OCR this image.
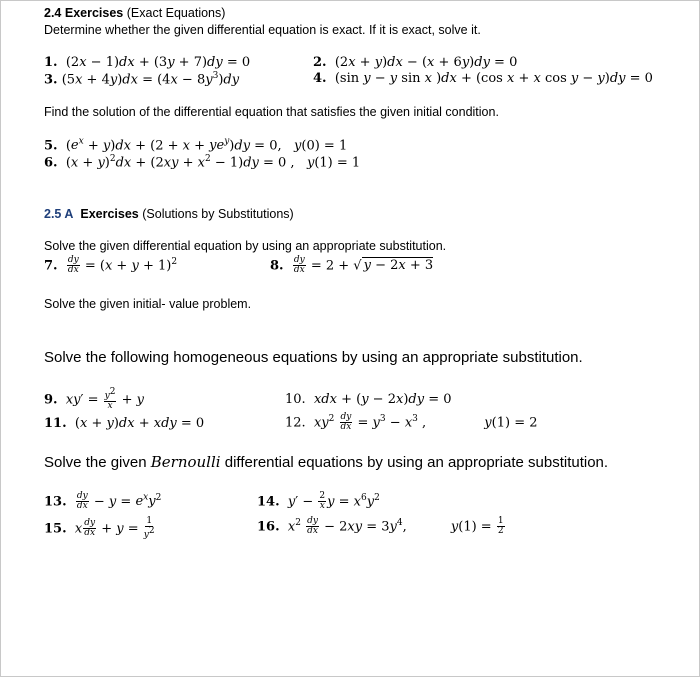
2.4 Exercises (Exact Equations)
Determine whether the given differential equation is exact. If it is exact, solve it.
1.  (2x − 1)dx + (3y + 7)dy = 0	2.  (2x + y)dx − (x + 6y)dy = 0
3. $(5x + 4y)dx = (4x - 8y^3)dy$	4.  (sin y − y sin x )dx + (cos x + x cos y − y)dy = 0
Find the solution of the differential equation that satisfies the given initial condition.
5.  $(e^x + y)dx + (2 + x + ye^y)dy = 0$,   y(0) = 1
6.  $(x + y)^2dx + (2xy + x^2 - 1)dy = 0$ ,   y(1) = 1
2.5 A Exercises (Solutions by Substitutions)
Solve the given differential equation by using an appropriate substitution.
7. $\frac{dy}{dx} = (x + y + 1)^2$	8. $\frac{dy}{dx} = 2$ + √ y − 2x + 3
Solve the given initial- value problem.
Solve the following homogeneous equations by using an appropriate substitution.
9. $xy' = \frac{y^2}{x} + y$	10. xdx + (y − 2x)dy = 0
11.  (x + y)dx + xdy = 0	12. $xy^2 \frac{dy}{dx} = y^3 - x^3$ ,	y(1) = 2
Solve the given Bernoulli differential equations by using an appropriate substitution.
13. $\frac{dy}{dx} - y = e^xy^2$	14. $y' - \frac{2}{x}$ $y = x^6y^2$
15. x $\frac{dy}{dx} + y = \frac{1}{y^2}$	16. $x^2 \frac{dy}{dx} - 2xy = 3y^4$,	$y(1) = \frac{1}{2}$
